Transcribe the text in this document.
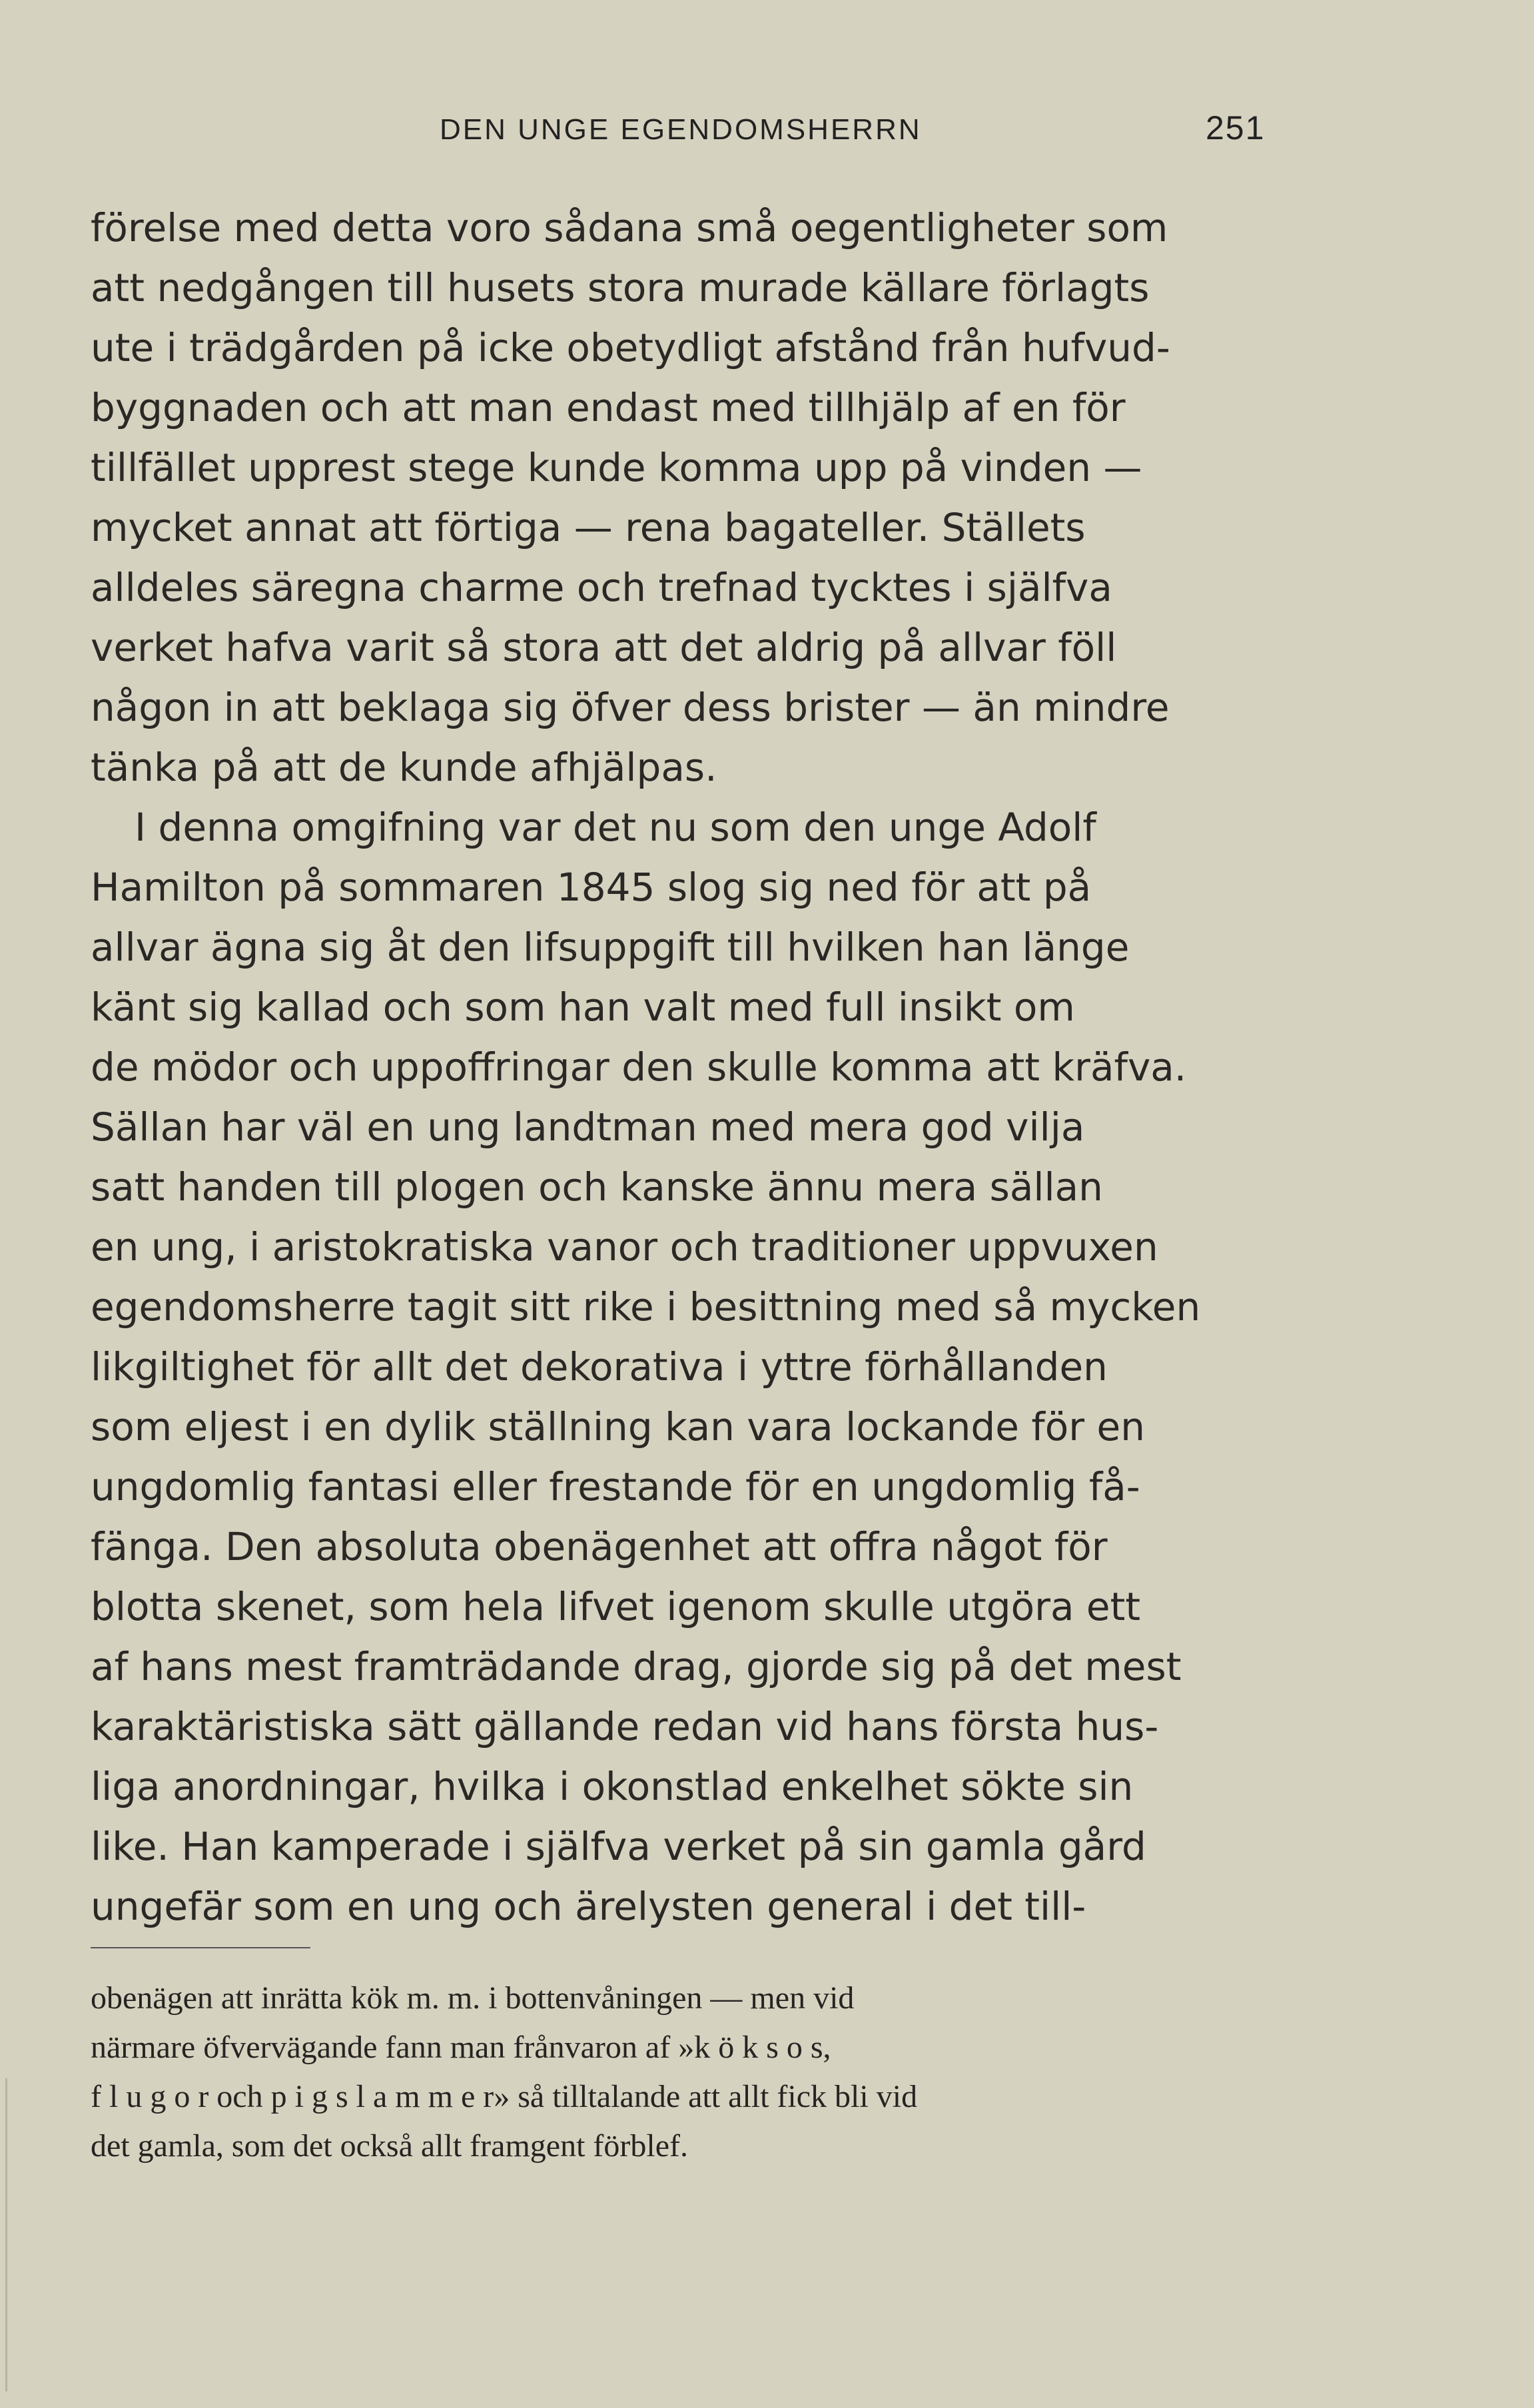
DEN UNGE EGENDOMSHERRN	251
förelse med detta voro sådana små oegentligheter som
att nedgången till husets stora murade källare förlagts
ute i trädgården på icke obetydligt afstånd från hufvud-
byggnaden och att man endast med tillhjälp af en för
tillfället upprest stege kunde komma upp på vinden —
mycket annat att förtiga — rena bagateller. Ställets
alldeles säregna charme och trefnad tycktes i själfva
verket hafva varit så stora att det aldrig på allvar föll
någon in att beklaga sig öfver dess brister — än mindre
tänka på att de kunde afhjälpas.
I denna omgifning var det nu som den unge Adolf
Hamilton på sommaren 1845 slog sig ned för att på
allvar ägna sig åt den lifsuppgift till hvilken han länge
känt sig kallad och som han valt med full insikt om
de mödor och uppoffringar den skulle komma att kräfva.
Sällan har väl en ung landtman med mera god vilja
satt handen till plogen och kanske ännu mera sällan
en ung, i aristokratiska vanor och traditioner uppvuxen
egendomsherre tagit sitt rike i besittning med så mycken
likgiltighet för allt det dekorativa i yttre förhållanden
som eljest i en dylik ställning kan vara lockande för en
ungdomlig fantasi eller frestande för en ungdomlig få-
fänga. Den absoluta obenägenhet att offra något för
blotta skenet, som hela lifvet igenom skulle utgöra ett
af hans mest framträdande drag, gjorde sig på det mest
karaktäristiska sätt gällande redan vid hans första hus-
liga anordningar, hvilka i okonstlad enkelhet sökte sin
like. Han kamperade i själfva verket på sin gamla gård
ungefär som en ung och ärelysten general i det till-
obenägen att inrätta kök m. m. i bottenvåningen — men vid
närmare öfvervägande fann man frånvaron af »k ö k s o s,
f l u g o r och p i g s l a m m e r» så tilltalande att allt fick bli vid
det gamla, som det också allt framgent förblef.
